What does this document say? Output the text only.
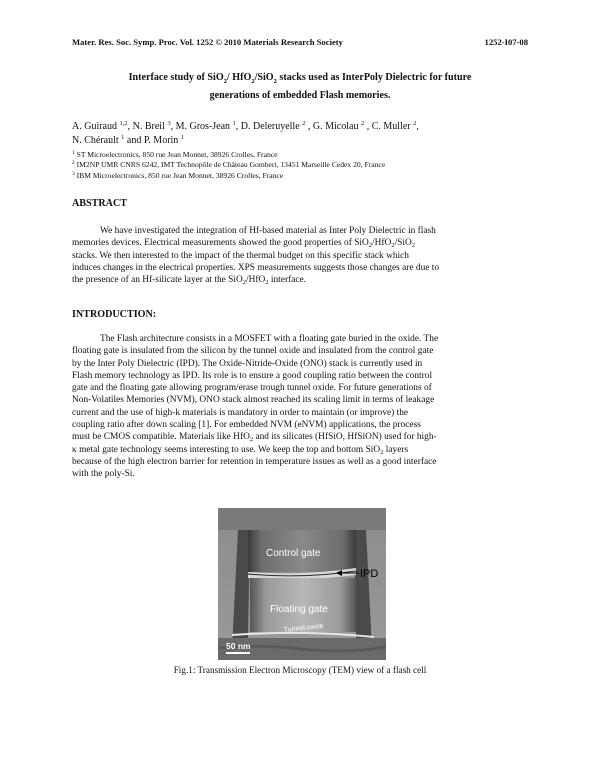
Mater. Res. Soc. Symp. Proc. Vol. 1252 © 2010 Materials Research Society	1252-I07-08
Interface study of SiO$_2$/ HfO$_2$/SiO$_2$ stacks used as InterPoly Dielectric for future
generations of embedded Flash memories.
A. Guiraud $^{1,2}$, N. Breil $^3$, M. Gros-Jean $^1$, D. Deleruyelle $^2$ , G. Micolau $^2$ , C. Muller $^2$,
N. Chérault $^1$ and P. Morin $^1$
$^1$ ST Microelectronics, 850 rue Jean Monnet, 38926 Crolles, France
$^2$ IM2NP UMR CNRS 6242, IMT Technopôle de Château Gombert, 13451 Marseille Cedex 20, France
$^3$ IBM Microelectronics, 850 rue Jean Monnet, 38926 Crolles, France
ABSTRACT
We have investigated the integration of Hf-based material as Inter Poly Dielectric in flash
memories devices. Electrical measurements showed the good properties of SiO$_2$/HfO$_2$/SiO$_2$
stacks. We then interested to the impact of the thermal budget on this specific stack which
induces changes in the electrical properties. XPS measurements suggests those changes are due to
the presence of an Hf-silicate layer at the SiO$_2$/HfO$_2$ interface.
INTRODUCTION:
The Flash architecture consists in a MOSFET with a floating gate buried in the oxide. The
floating gate is insulated from the silicon by the tunnel oxide and insulated from the control gate
by the Inter Poly Dielectric (IPD). The Oxide-Nitride-Oxide (ONO) stack is currently used in
Flash memory technology as IPD. Its role is to ensure a good coupling ratio between the control
gate and the floating gate allowing program/erase trough tunnel oxide. For future generations of
Non-Volatiles Memories (NVM), ONO stack almost reached its scaling limit in terms of leakage
current and the use of high-k materials is mandatory in order to maintain (or improve) the
coupling ratio after down scaling [1]. For embedded NVM (eNVM) applications, the process
must be CMOS compatible. Materials like HfO$_2$ and its silicates (HfSiO, HfSiON) used for high-
κ metal gate technology seems interesting to use. We keep the top and bottom SiO$_2$ layers
because of the high electron barrier for retention in temperature issues as well as a good interface
with the poly-Si.
Control gate
IPD
Floating gate
Tunnel oxide
50 nm
Fig.1: Transmission Electron Microscopy (TEM) view of a flash cell
